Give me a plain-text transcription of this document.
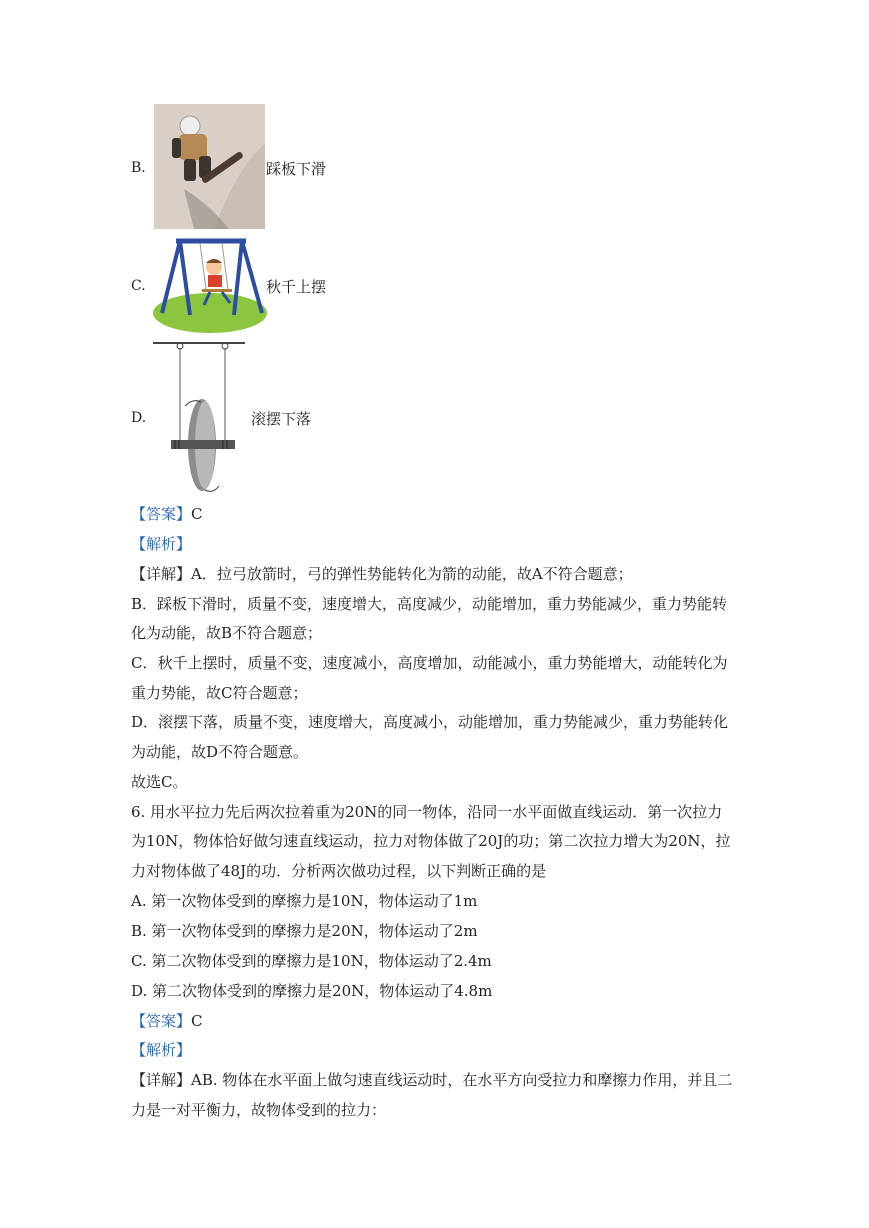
B.	踩板下滑
C.	秋千上摆
D.	滚摆下落
【答案】C
【解析】
【详解】A．拉弓放箭时，弓的弹性势能转化为箭的动能，故A不符合题意；
B．踩板下滑时，质量不变，速度增大，高度减少，动能增加，重力势能减少，重力势能转
化为动能，故B不符合题意；
C．秋千上摆时，质量不变，速度减小，高度增加，动能减小，重力势能增大，动能转化为
重力势能，故C符合题意；
D．滚摆下落，质量不变，速度增大，高度减小，动能增加，重力势能减少，重力势能转化
为动能，故D不符合题意。
故选C。
6. 用水平拉力先后两次拉着重为20N的同一物体，沿同一水平面做直线运动．第一次拉力
为10N，物体恰好做匀速直线运动，拉力对物体做了20J的功；第二次拉力增大为20N，拉
力对物体做了48J的功．分析两次做功过程，以下判断正确的是
A. 第一次物体受到的摩擦力是10N，物体运动了1m
B. 第一次物体受到的摩擦力是20N，物体运动了2m
C. 第二次物体受到的摩擦力是10N，物体运动了2.4m
D. 第二次物体受到的摩擦力是20N，物体运动了4.8m
【答案】C
【解析】
【详解】AB. 物体在水平面上做匀速直线运动时，在水平方向受拉力和摩擦力作用，并且二
力是一对平衡力，故物体受到的拉力：
